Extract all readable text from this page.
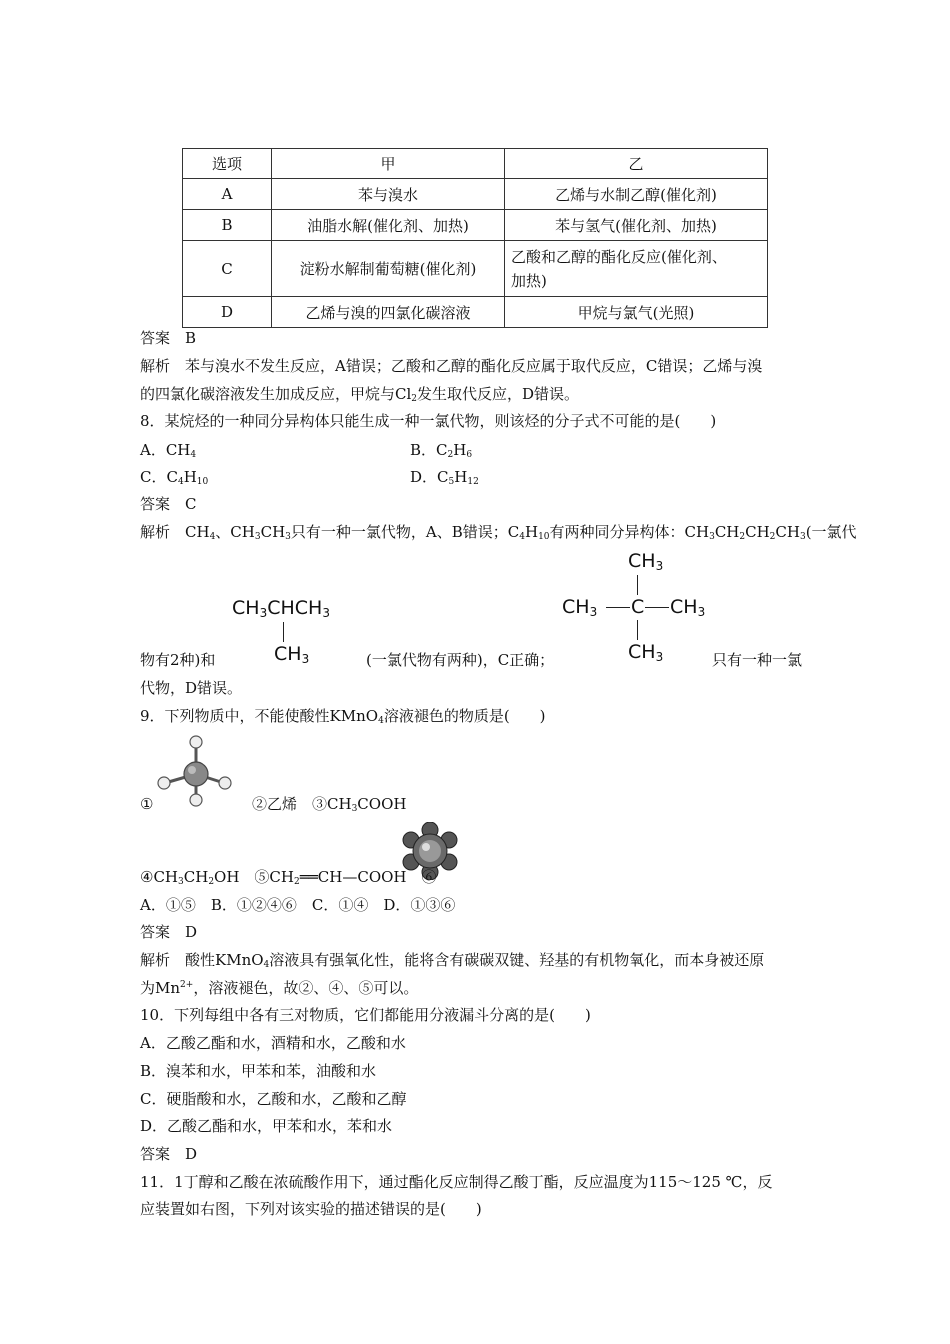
选项	甲	乙
A	苯与溴水	乙烯与水制乙醇(催化剂)
B	油脂水解(催化剂、加热)	苯与氢气(催化剂、加热)
C	淀粉水解制葡萄糖(催化剂)	乙酸和乙醇的酯化反应(催化剂、
加热)
D	乙烯与溴的四氯化碳溶液	甲烷与氯气(光照)
答案　B
解析　苯与溴水不发生反应，A错误；乙酸和乙醇的酯化反应属于取代反应，C错误；乙烯与溴
的四氯化碳溶液发生加成反应，甲烷与$Cl_2$发生取代反应，D错误。
8．某烷烃的一种同分异构体只能生成一种一氯代物，则该烃的分子式不可能的是(　　)
A．$CH_4$	B．$C_2H_6$
C．$C_4H_{10}$	D．$C_5H_{12}$
答案　C
解析　$CH_4$、$CH_3CH_3$只有一种一氯代物，A、B错误；$C_4H_{10}$有两种同分异构体：$CH_3CH_2CH_2CH_3$(一氯代
$CH_3CHCH_3$
$CH_3$
$CH_3$
$CH_3$ C $CH_3$
$CH_3$
物有2种)和	(一氯代物有两种)，C正确；	只有一种一氯
代物，D错误。
9．下列物质中，不能使酸性KMnO$_4$溶液褪色的物质是(　　)
①	②乙烯　$③CH_3COOH$
$④CH_3CH_2OH$　$⑤CH_2══CH—COOH$　⑥
A．①⑤　B．①②④⑥　C．①④　D．①③⑥
答案　D
解析　酸性KMnO$_4$溶液具有强氧化性，能将含有碳碳双键、羟基的有机物氧化，而本身被还原
为$Mn^{2+}$，溶液褪色，故②、④、⑤可以。
10．下列每组中各有三对物质，它们都能用分液漏斗分离的是(　　)
A．乙酸乙酯和水，酒精和水，乙酸和水
B．溴苯和水，甲苯和苯，油酸和水
C．硬脂酸和水，乙酸和水，乙酸和乙醇
D．乙酸乙酯和水，甲苯和水，苯和水
答案　D
11．1丁醇和乙酸在浓硫酸作用下，通过酯化反应制得乙酸丁酯，反应温度为115～125 ℃，反
应装置如右图，下列对该实验的描述错误的是(　　)
